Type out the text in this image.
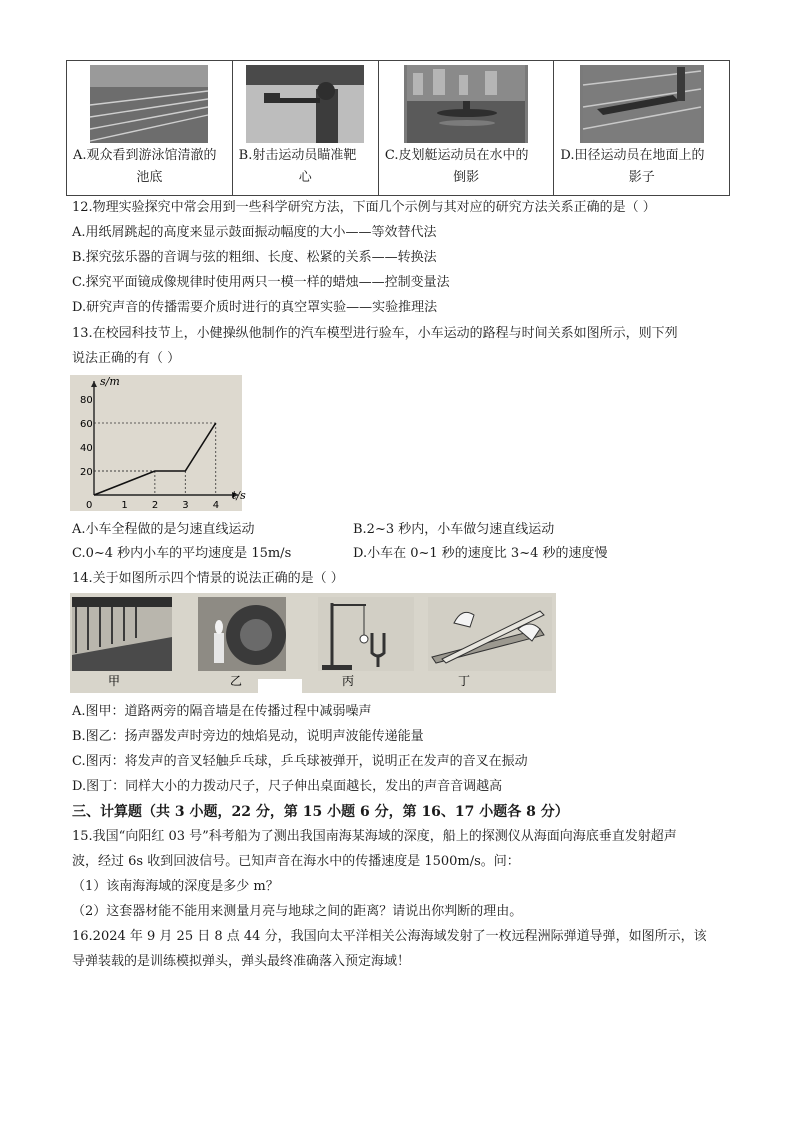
A.观众看到游泳馆清澈的
池底

B.射击运动员瞄准靶
心

C.皮划艇运动员在水中的
倒影

D.田径运动员在地面上的
影子

12.物理实验探究中常会用到一些科学研究方法，下面几个示例与其对应的研究方法关系正确的是（ ）

A.用纸屑跳起的高度来显示鼓面振动幅度的大小——等效替代法

B.探究弦乐器的音调与弦的粗细、长度、松紧的关系——转换法

C.探究平面镜成像规律时使用两只一模一样的蜡烛——控制变量法

D.研究声音的传播需要介质时进行的真空罩实验——实验推理法

13.在校园科技节上，小健操纵他制作的汽车模型进行验车，小车运动的路程与时间关系如图所示，则下列

说法正确的有（ ）

s/m
t/s
0	1 2 3 4
20
40
60
80
A.小车全程做的是匀速直线运动	B.2~3 秒内，小车做匀速直线运动
C.0~4 秒内小车的平均速度是 15m/s	D.小车在 0~1 秒的速度比 3~4 秒的速度慢

14.关于如图所示四个情景的说法正确的是（ ）

甲	乙	丙	丁

A.图甲：道路两旁的隔音墙是在传播过程中减弱噪声

B.图乙：扬声器发声时旁边的烛焰晃动，说明声波能传递能量

C.图丙：将发声的音叉轻触乒乓球，乒乓球被弹开，说明正在发声的音叉在振动

D.图丁：同样大小的力拨动尺子，尺子伸出桌面越长，发出的声音音调越高

三、计算题（共 3 小题，22 分，第 15 小题 6 分，第 16、17 小题各 8 分）

15.我国“向阳红 03 号”科考船为了测出我国南海某海域的深度，船上的探测仪从海面向海底垂直发射超声

波，经过 6s 收到回波信号。已知声音在海水中的传播速度是 1500m/s。问：

（1）该南海海域的深度是多少 m？

（2）这套器材能不能用来测量月亮与地球之间的距离？请说出你判断的理由。

16.2024 年 9 月 25 日 8 点 44 分，我国向太平洋相关公海海域发射了一枚远程洲际弹道导弹，如图所示，该

导弹装载的是训练模拟弹头，弹头最终准确落入预定海域！
